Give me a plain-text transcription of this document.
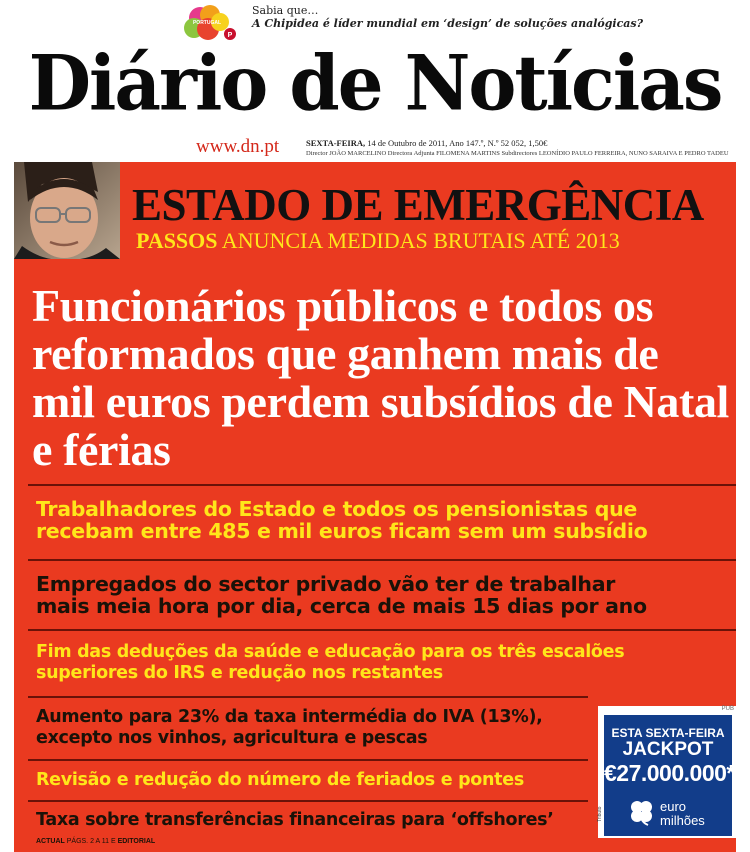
P
PORTUGAL
Sabia que…
A Chipideа é líder mundial em ‘design’ de soluções analógicas?
Diário de Notícias
www.dn.pt	SEXTA-FEIRA, 14 de Outubro de 2011, Ano 147.º, N.º 52 052, 1,50€
Director JOÃO MARCELINO Directora Adjunta FILOMENA MARTINS Subdirectores LEONÍDIO PAULO FERREIRA, NUNO SARAIVA E PEDRO TADEU
ESTADO DE EMERGÊNCIA
PASSOS ANUNCIA MEDIDAS BRUTAIS ATÉ 2013
Funcionários públicos e todos os reformados que ganhem mais de mil euros perdem subsídios de Natal e férias
Trabalhadores do Estado e todos os pensionistas que
recebam entre 485 e mil euros ficam sem um subsídio
Empregados do sector privado vão ter de trabalhar
mais meia hora por dia, cerca de mais 15 dias por ano
Fim das deduções da saúde e educação para os três escalões
superiores do IRS e redução nos restantes
Aumento para 23% da taxa intermédia do IVA (13%),
excepto nos vinhos, agricultura e pescas
Revisão e redução do número de feriados e pontes
Taxa sobre transferências financeiras para ‘offshores’
ACTUAL PÁGS. 2 A 11 E EDITORIAL
PUB
ESTA SEXTA-FEIRA
JACKPOT
€27.000.000*
euro
milhões
Tributo
